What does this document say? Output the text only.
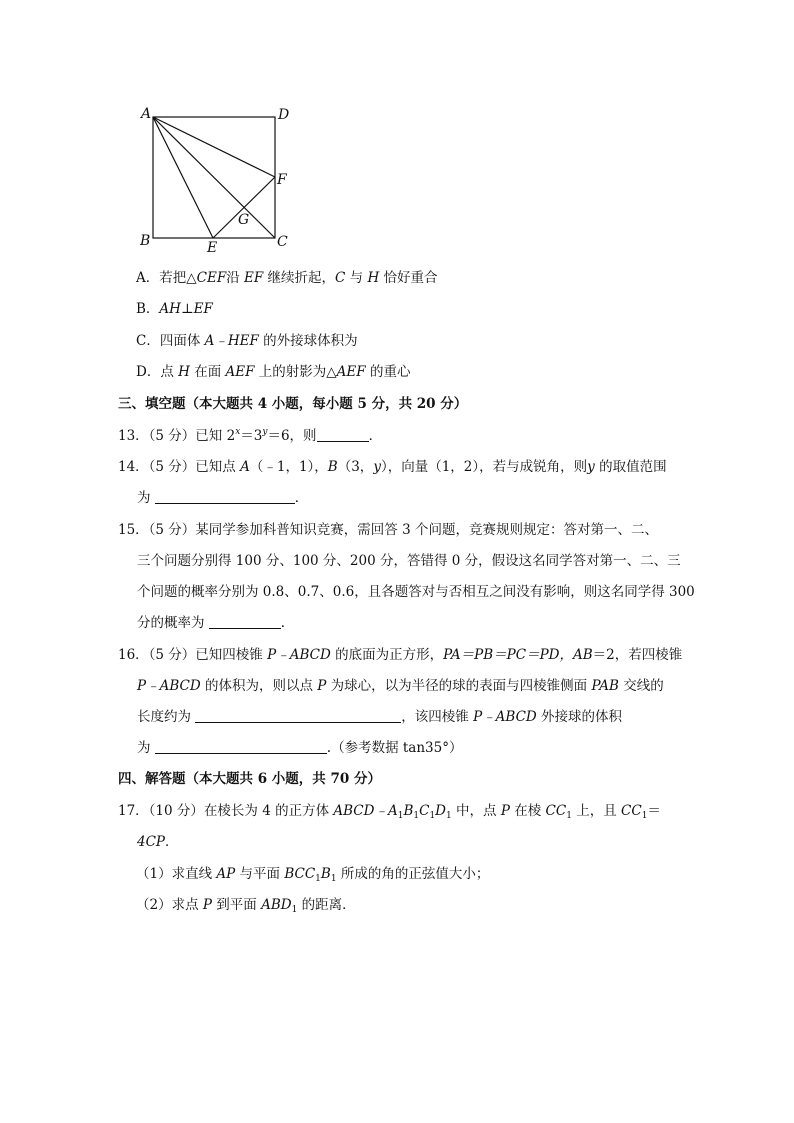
A	D
F
G
B	E	C
A．若把△CEF沿 EF 继续折起，C 与 H 恰好重合
B．AH⊥EF
C．四面体 A﹣HEF 的外接球体积为
D．点 H 在面 AEF 上的射影为△AEF 的重心
三、填空题（本大题共 4 小题，每小题 5 分，共 20 分）
13．（5 分）已知 $2^x=3^y=6$，则	．
14．（5 分）已知点 A（﹣1，1），B（3，y），向量（1，2），若与成锐角，则y 的取值范围
为	．
15．（5 分）某同学参加科普知识竞赛，需回答 3 个问题，竞赛规则规定：答对第一、二、
三个问题分别得 100 分、100 分、200 分，答错得 0 分，假设这名同学答对第一、二、三
个问题的概率分别为 0.8、0.7、0.6，且各题答对与否相互之间没有影响，则这名同学得 300
分的概率为	．
16．（5 分）已知四棱锥 P﹣ABCD 的底面为正方形，PA＝PB＝PC＝PD，AB＝2，若四棱锥
P﹣ABCD 的体积为，则以点 P 为球心，以为半径的球的表面与四棱锥侧面 PAB 交线的
长度约为	，该四棱锥 P﹣ABCD 外接球的体积
为	.（参考数据 tan35°）
四、解答题（本大题共 6 小题，共 70 分）
17．（10 分）在棱长为 4 的正方体 $ABCD﹣A_1B_1C_1D_1$ 中，点 P 在棱 $CC_1$ 上，且 $CC_1=$
4CP．
（1）求直线 AP 与平面 $BCC_1B_1$ 所成的角的正弦值大小；
（2）求点 P 到平面 $ABD_1$ 的距离．
